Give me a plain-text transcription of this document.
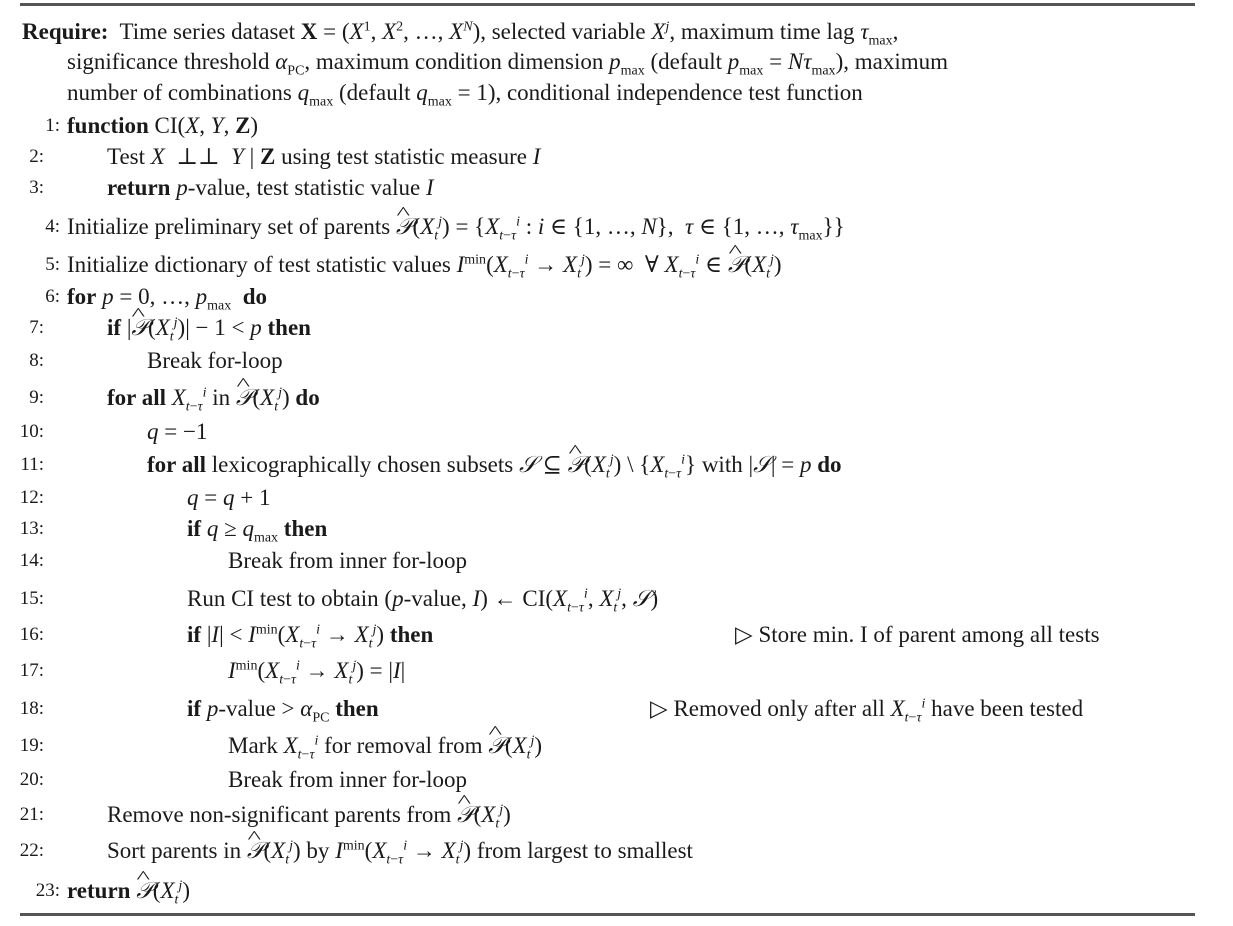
Require: Time series dataset $X = (X^1$, $X^2$, …, $X^N$), selected variable $X^j$, maximum time lag $\tau_{max}$,
significance threshold $\alpha_{PC}$, maximum condition dimension $p_{max}$ (default $p_{max} = N\tau_{max}$), maximum
number of combinations $q_{max}$ (default $q_{max} = 1$), conditional independence test function
1: function CI(X, Y, Z)
2:	Test X  ⊥⊥  Y | Z using test statistic measure I
3:	return p-value, test statistic value I
4: Initialize preliminary set of parents ^ $𝒫(X_t^j) = \{X_{t-\tau}^i$ : i ∈ {1, …, N},  τ ∈ {1, …, $\tau_{max}$}}
5: Initialize dictionary of test statistic values $I^{min}(X_{t-\tau}^i \to X_t^j)$ = ∞  ∀ $X_{t-\tau}^i$ ∈ ^ $𝒫(X_t^j)$
6: for p = 0, …, $p_{max}$ do
7:	if |^ $𝒫(X_t^j)| - 1 < p$ then
8:	Break for-loop
9:	for all $X_{t-\tau}^i$ in ^ $𝒫(X_t^j)$ do
10:	q = −1
11:	for all lexicographically chosen subsets 𝒮 ⊆ ^ $𝒫(X_t^j)$ \ $\{X_{t-\tau}^i\}$ with |𝒮| = p do
12:	q = q + 1
13:	if $q \ge q_{max}$ then
14:	Break from inner for-loop
15:	Run CI test to obtain (p-value, I) ← $CI(X_{t-\tau}^i$, $X_t^j$, 𝒮)
16:	if $|I| < I^{min}(X_{t-\tau}^i \to X_t^j)$ then	▷ Store min. I of parent among all tests
17:	$I^{min}(X_{t-\tau}^i \to X_t^j) = |I|$
18:	if p-value > $\alpha_{PC}$ then	▷ Removed only after all $X_{t-\tau}^i$ have been tested
19:	Mark $X_{t-\tau}^i$ for removal from ^ $𝒫(X_t^j)$
20:	Break from inner for-loop
21:	Remove non-significant parents from ^ $𝒫(X_t^j)$
22:	Sort parents in ^ $𝒫(X_t^j)$ by $I^{min}(X_{t-\tau}^i \to X_t^j)$ from largest to smallest
23: return ^ $𝒫(X_t^j)$
